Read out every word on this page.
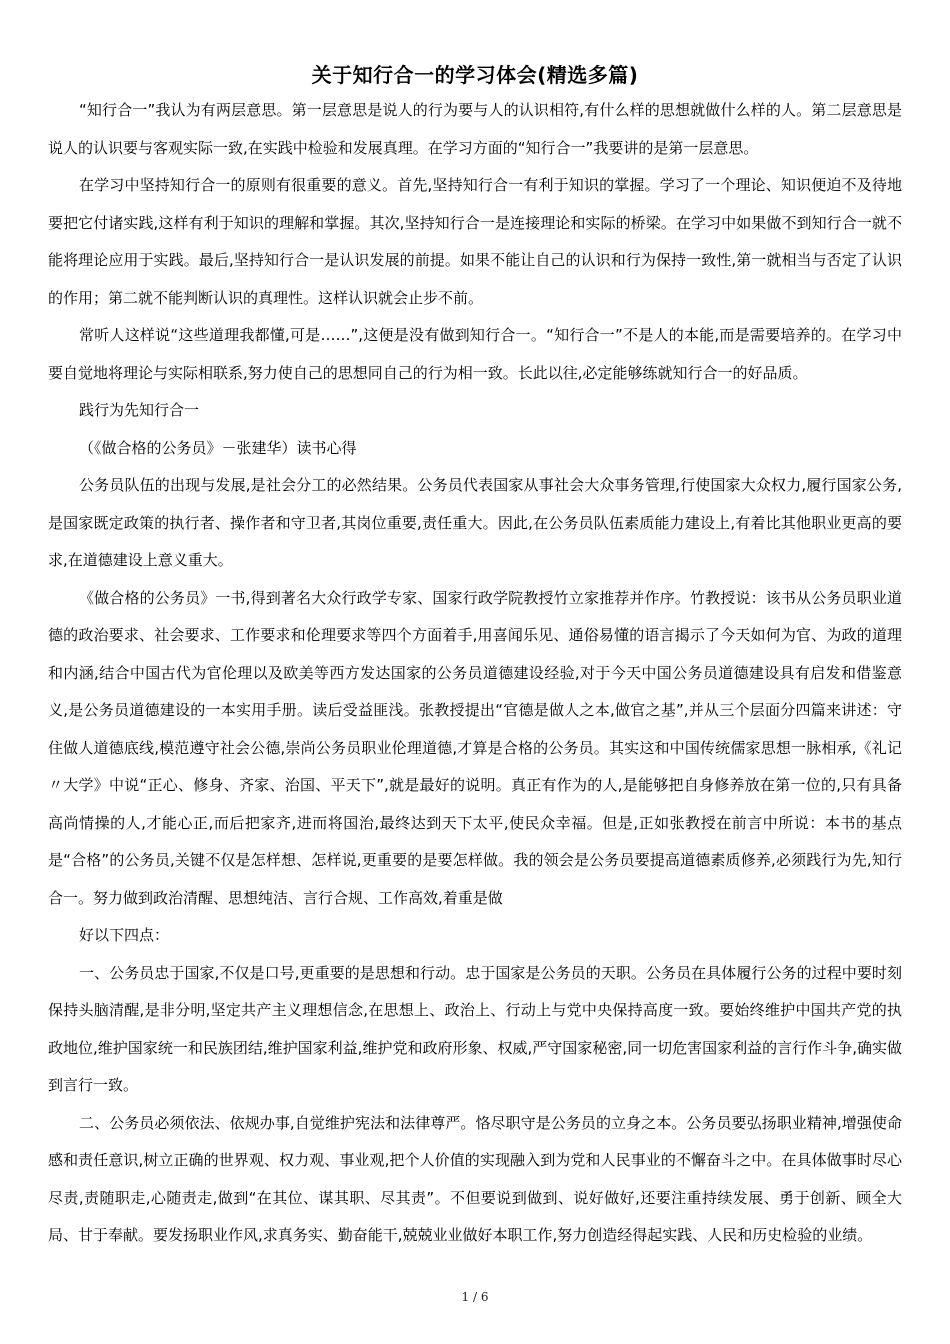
关于知行合一的学习体会(精选多篇)

“知行合一”我认为有两层意思。第一层意思是说人的行为要与人的认识相符,有什么样的思想就做什么样的人。第二层意思是说人的认识要与客观实际一致,在实践中检验和发展真理。在学习方面的“知行合一”我要讲的是第一层意思。

在学习中坚持知行合一的原则有很重要的意义。首先,坚持知行合一有利于知识的掌握。学习了一个理论、知识便迫不及待地要把它付诸实践,这样有利于知识的理解和掌握。其次,坚持知行合一是连接理论和实际的桥梁。在学习中如果做不到知行合一就不能将理论应用于实践。最后,坚持知行合一是认识发展的前提。如果不能让自己的认识和行为保持一致性,第一就相当与否定了认识的作用；第二就不能判断认识的真理性。这样认识就会止步不前。

常听人这样说“这些道理我都懂,可是……”,这便是没有做到知行合一。“知行合一”不是人的本能,而是需要培养的。在学习中要自觉地将理论与实际相联系,努力使自己的思想同自己的行为相一致。长此以往,必定能够练就知行合一的好品质。

践行为先知行合一

（《做合格的公务员》－张建华）读书心得

公务员队伍的出现与发展,是社会分工的必然结果。公务员代表国家从事社会大众事务管理,行使国家大众权力,履行国家公务,是国家既定政策的执行者、操作者和守卫者,其岗位重要,责任重大。因此,在公务员队伍素质能力建设上,有着比其他职业更高的要求,在道德建设上意义重大。

《做合格的公务员》一书,得到著名大众行政学专家、国家行政学院教授竹立家推荐并作序。竹教授说：该书从公务员职业道德的政治要求、社会要求、工作要求和伦理要求等四个方面着手,用喜闻乐见、通俗易懂的语言揭示了今天如何为官、为政的道理和内涵,结合中国古代为官伦理以及欧美等西方发达国家的公务员道德建设经验,对于今天中国公务员道德建设具有启发和借鉴意义,是公务员道德建设的一本实用手册。读后受益匪浅。张教授提出“官德是做人之本,做官之基”,并从三个层面分四篇来讲述：守住做人道德底线,模范遵守社会公德,崇尚公务员职业伦理道德,才算是合格的公务员。其实这和中国传统儒家思想一脉相承,《礼记〃大学》中说“正心、修身、齐家、治国、平天下”,就是最好的说明。真正有作为的人,是能够把自身修养放在第一位的,只有具备高尚情操的人,才能心正,而后把家齐,进而将国治,最终达到天下太平,使民众幸福。但是,正如张教授在前言中所说：本书的基点是“合格”的公务员,关键不仅是怎样想、怎样说,更重要的是要怎样做。我的领会是公务员要提高道德素质修养,必须践行为先,知行合一。努力做到政治清醒、思想纯洁、言行合规、工作高效,着重是做

好以下四点：

一、公务员忠于国家,不仅是口号,更重要的是思想和行动。忠于国家是公务员的天职。公务员在具体履行公务的过程中要时刻保持头脑清醒,是非分明,坚定共产主义理想信念,在思想上、政治上、行动上与党中央保持高度一致。要始终维护中国共产党的执政地位,维护国家统一和民族团结,维护国家利益,维护党和政府形象、权威,严守国家秘密,同一切危害国家利益的言行作斗争,确实做到言行一致。

二、公务员必须依法、依规办事,自觉维护宪法和法律尊严。恪尽职守是公务员的立身之本。公务员要弘扬职业精神,增强使命感和责任意识,树立正确的世界观、权力观、事业观,把个人价值的实现融入到为党和人民事业的不懈奋斗之中。在具体做事时尽心尽责,责随职走,心随责走,做到“在其位、谋其职、尽其责”。不但要说到做到、说好做好,还要注重持续发展、勇于创新、顾全大局、甘于奉献。要发扬职业作风,求真务实、勤奋能干,兢兢业业做好本职工作,努力创造经得起实践、人民和历史检验的业绩。

1 / 6
